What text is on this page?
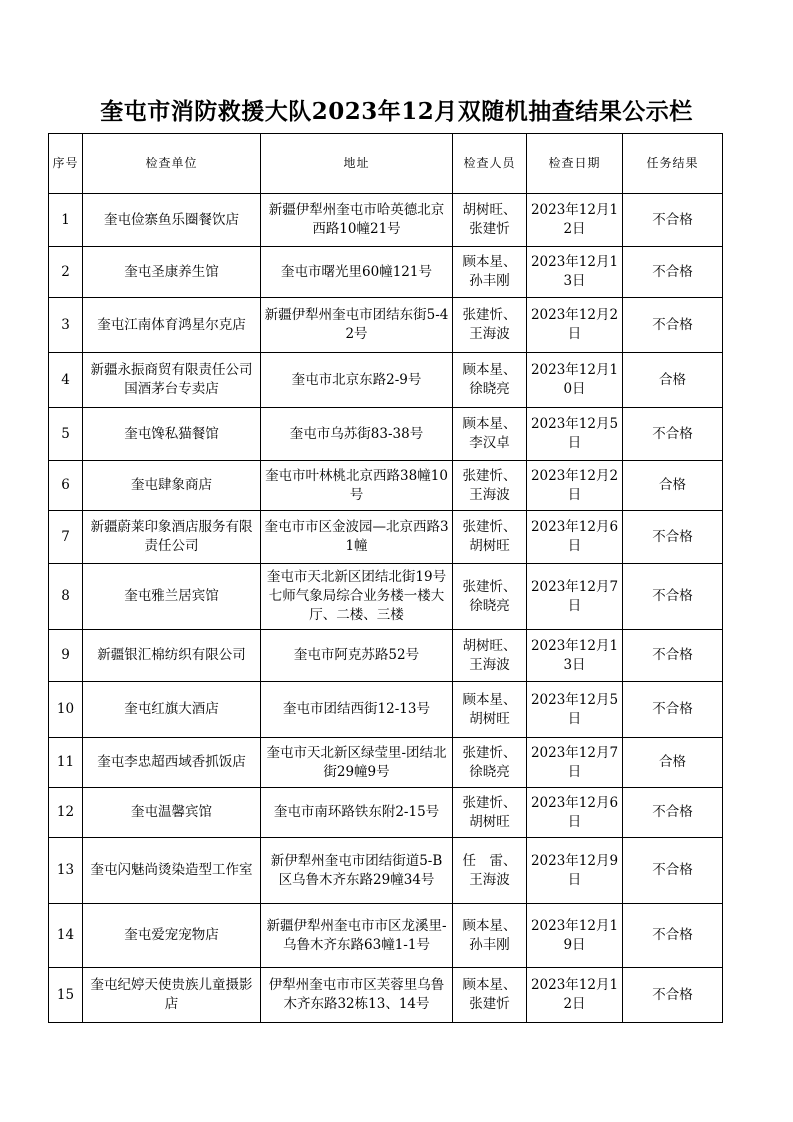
奎屯市消防救援大队2023年12月双随机抽查结果公示栏
序号	检查单位	地址	检查人员	检查日期	任务结果
1	奎屯俭寨鱼乐圈餐饮店	新疆伊犁州奎屯市哈英德北京西路10幢21号	胡树旺、张建忻	2023年12月12日	不合格
2	奎屯圣康养生馆	奎屯市曙光里60幢121号	顾本星、孙丰刚	2023年12月13日	不合格
3	奎屯江南体育鸿星尔克店	新疆伊犁州奎屯市团结东街5-42号	张建忻、王海波	2023年12月2日	不合格
4	新疆永振商贸有限责任公司国酒茅台专卖店	奎屯市北京东路2-9号	顾本星、徐晓亮	2023年12月10日	合格
5	奎屯馋私猫餐馆	奎屯市乌苏街83-38号	顾本星、李汉卓	2023年12月5日	不合格
6	奎屯肆象商店	奎屯市叶林桃北京西路38幢10号	张建忻、王海波	2023年12月2日	合格
7	新疆蔚莱印象酒店服务有限责任公司	奎屯市市区金波园—北京西路31幢	张建忻、胡树旺	2023年12月6日	不合格
8	奎屯雅兰居宾馆	奎屯市天北新区团结北街19号七师气象局综合业务楼一楼大厅、二楼、三楼	张建忻、徐晓亮	2023年12月7日	不合格
9	新疆银汇棉纺织有限公司	奎屯市阿克苏路52号	胡树旺、王海波	2023年12月13日	不合格
10	奎屯红旗大酒店	奎屯市团结西街12-13号	顾本星、胡树旺	2023年12月5日	不合格
11	奎屯李忠超西域香抓饭店	奎屯市天北新区绿莹里-团结北街29幢9号	张建忻、徐晓亮	2023年12月7日	合格
12	奎屯温馨宾馆	奎屯市南环路铁东附2-15号	张建忻、胡树旺	2023年12月6日	不合格
13	奎屯闪魅尚烫染造型工作室	新伊犁州奎屯市团结街道5-B区乌鲁木齐东路29幢34号	任　雷、王海波	2023年12月9日	不合格
14	奎屯爱宠宠物店	新疆伊犁州奎屯市市区龙溪里-乌鲁木齐东路63幢1-1号	顾本星、孙丰刚	2023年12月19日	不合格
15	奎屯纪婷天使贵族儿童摄影店	伊犁州奎屯市市区芙蓉里乌鲁木齐东路32栋13、14号	顾本星、张建忻	2023年12月12日	不合格
